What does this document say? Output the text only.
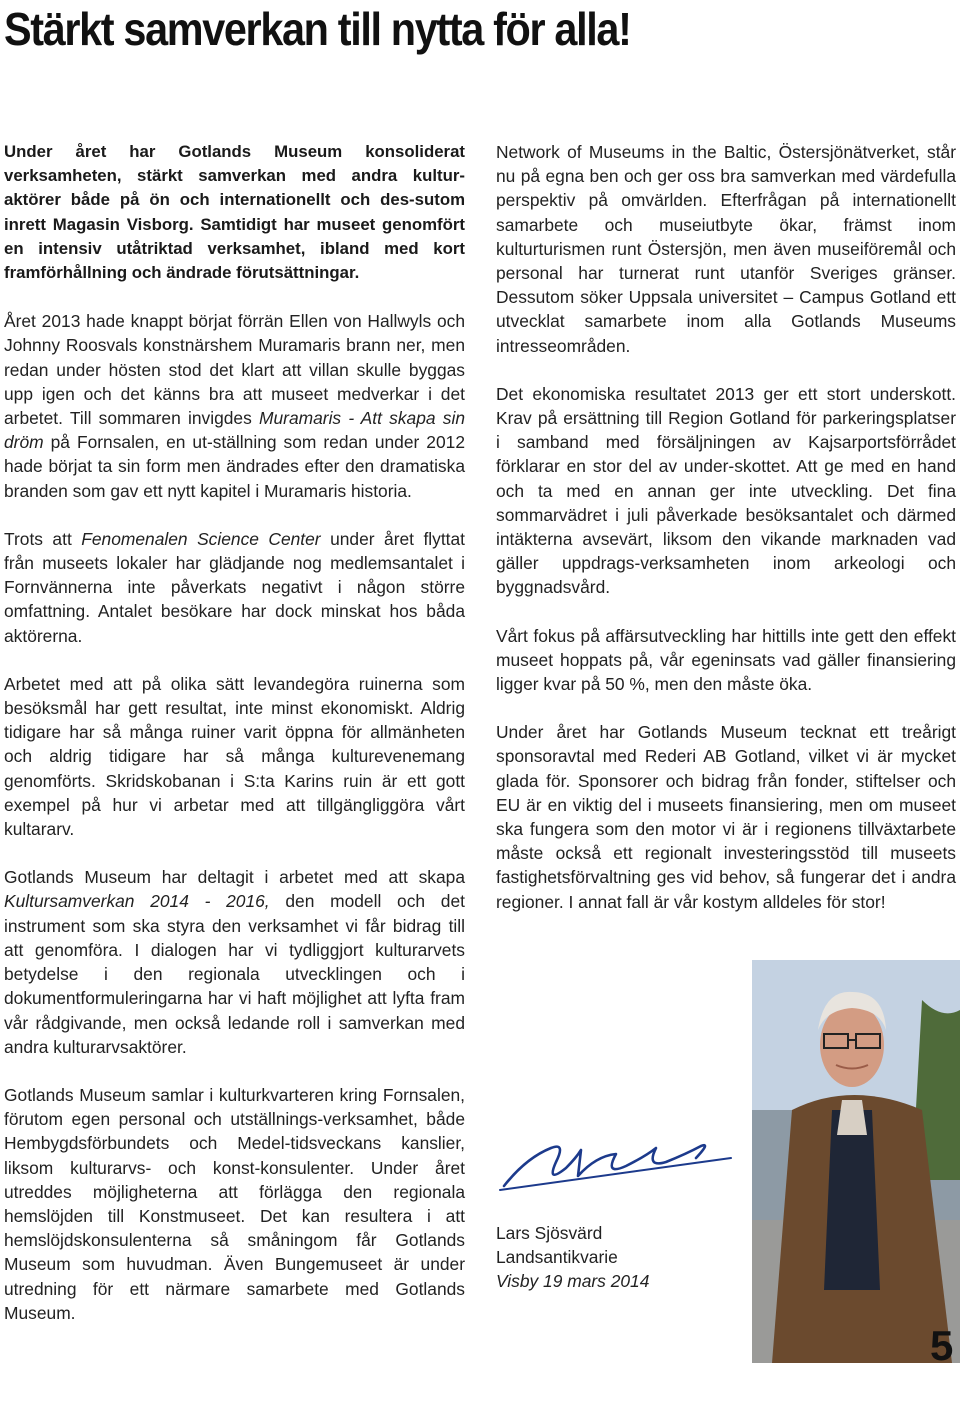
Stärkt samverkan till nytta för alla!

Under året har Gotlands Museum konsoliderat verksamheten, stärkt samverkan med andra kultur-aktörer både på ön och internationellt och des-sutom inrett Magasin Visborg. Samtidigt har museet genomfört en intensiv utåtriktad verksamhet, ibland med kort framförhållning och ändrade förutsättningar.

Året 2013 hade knappt börjat förrän Ellen von Hallwyls och Johnny Roosvals konstnärshem Muramaris brann ner, men redan under hösten stod det klart att villan skulle byggas upp igen och det känns bra att museet medverkar i det arbetet. Till sommaren invigdes Muramaris - Att skapa sin dröm på Fornsalen, en ut-ställning som redan under 2012 hade börjat ta sin form men ändrades efter den dramatiska branden som gav ett nytt kapitel i Muramaris historia.

Trots att Fenomenalen Science Center under året flyttat från museets lokaler har glädjande nog medlemsantalet i Fornvännerna inte påverkats negativt i någon större omfattning. Antalet besökare har dock minskat hos båda aktörerna.

Arbetet med att på olika sätt levandegöra ruinerna som besöksmål har gett resultat, inte minst ekonomiskt. Aldrig tidigare har så många ruiner varit öppna för allmänheten och aldrig tidigare har så många kulturevenemang genomförts. Skridskobanan i S:ta Karins ruin är ett gott exempel på hur vi arbetar med att tillgängliggöra vårt kultararv.

Gotlands Museum har deltagit i arbetet med att skapa Kultursamverkan 2014 - 2016, den modell och det instrument som ska styra den verksamhet vi får bidrag till att genomföra. I dialogen har vi tydliggjort kulturarvets betydelse i den regionala utvecklingen och i dokumentformuleringarna har vi haft möjlighet att lyfta fram vår rådgivande, men också ledande roll i samverkan med andra kulturarvsaktörer.

Gotlands Museum samlar i kulturkvarteren kring Fornsalen, förutom egen personal och utställnings-verksamhet, både Hembygdsförbundets och Medel-tidsveckans kanslier, liksom kulturarvs- och konst-konsulenter. Under året utreddes möjligheterna att förlägga den regionala hemslöjden till Konstmuseet. Det kan resultera i att hemslöjdskonsulenterna så småningom får Gotlands Museum som huvudman. Även Bungemuseet är under utredning för ett närmare samarbete med Gotlands Museum.

Network of Museums in the Baltic, Östersjönätverket, står nu på egna ben och ger oss bra samverkan med värdefulla perspektiv på omvärlden. Efterfrågan på internationellt samarbete och museiutbyte ökar, främst inom kulturturismen runt Östersjön, men även museiföremål och personal har turnerat runt utanför Sveriges gränser. Dessutom söker Uppsala universitet – Campus Gotland ett utvecklat samarbete inom alla Gotlands Museums intresseområden.

Det ekonomiska resultatet 2013 ger ett stort underskott. Krav på ersättning till Region Gotland för parkeringsplatser i samband med försäljningen av Kajsarportsförrådet förklarar en stor del av under-skottet. Att ge med en hand och ta med en annan ger inte utveckling. Det fina sommarvädret i juli påverkade besöksantalet och därmed intäkterna avsevärt, liksom den vikande marknaden vad gäller uppdrags-verksamheten inom arkeologi och byggnadsvård.

Vårt fokus på affärsutveckling har hittills inte gett den effekt museet hoppats på, vår egeninsats vad gäller finansiering ligger kvar på 50 %, men den måste öka.

Under året har Gotlands Museum tecknat ett treårigt sponsoravtal med Rederi AB Gotland, vilket vi är mycket glada för. Sponsorer och bidrag från fonder, stiftelser och EU är en viktig del i museets finansiering, men om museet ska fungera som den motor vi är i regionens tillväxtarbete måste också ett regionalt investeringsstöd till museets fastighetsförvaltning ges vid behov, så fungerar det i andra regioner. I annat fall är vår kostym alldeles för stor!

Lars Sjösvärd
Landsantikvarie
Visby 19 mars 2014
5
